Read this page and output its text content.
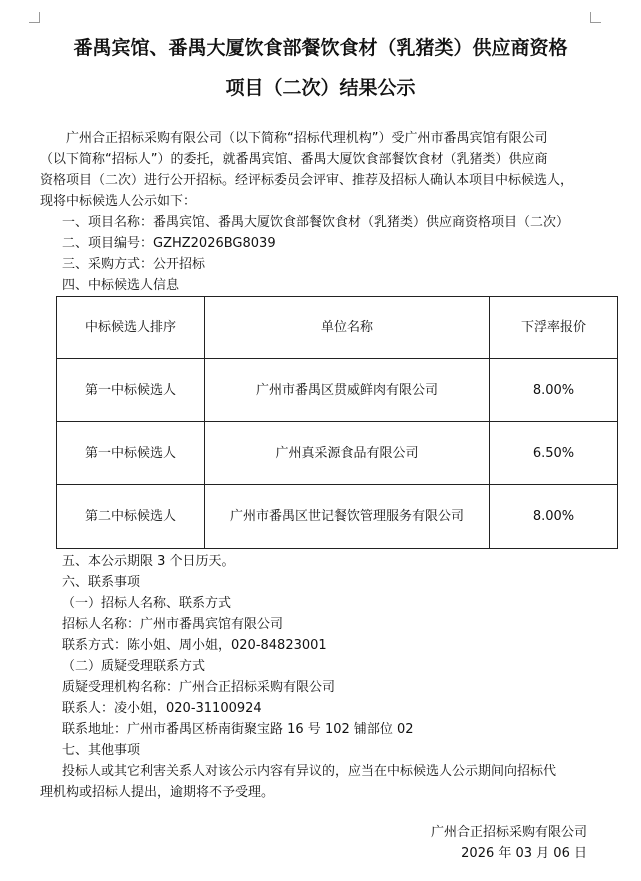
番禺宾馆、番禺大厦饮食部餐饮食材（乳猪类）供应商资格
项目（二次）结果公示
广州合正招标采购有限公司（以下简称“招标代理机构”）受广州市番禺宾馆有限公司
（以下简称“招标人”）的委托，就番禺宾馆、番禺大厦饮食部餐饮食材（乳猪类）供应商
资格项目（二次）进行公开招标。经评标委员会评审、推荐及招标人确认本项目中标候选人，
现将中标候选人公示如下：
一、项目名称：番禺宾馆、番禺大厦饮食部餐饮食材（乳猪类）供应商资格项目（二次）
二、项目编号：GZHZ2026BG8039
三、采购方式：公开招标
四、中标候选人信息
中标候选人排序	单位名称	下浮率报价
第一中标候选人	广州市番禺区贯威鲜肉有限公司	8.00%
第一中标候选人	广州真采源食品有限公司	6.50%
第二中标候选人	广州市番禺区世记餐饮管理服务有限公司	8.00%
五、本公示期限 3 个日历天。
六、联系事项
（一）招标人名称、联系方式
招标人名称：广州市番禺宾馆有限公司
联系方式：陈小姐、周小姐，020-84823001
（二）质疑受理联系方式
质疑受理机构名称：广州合正招标采购有限公司
联系人：凌小姐，020-31100924
联系地址：广州市番禺区桥南街聚宝路 16 号 102 铺部位 02
七、其他事项
投标人或其它利害关系人对该公示内容有异议的，应当在中标候选人公示期间向招标代
理机构或招标人提出，逾期将不予受理。
广州合正招标采购有限公司
2026 年 03 月 06 日
